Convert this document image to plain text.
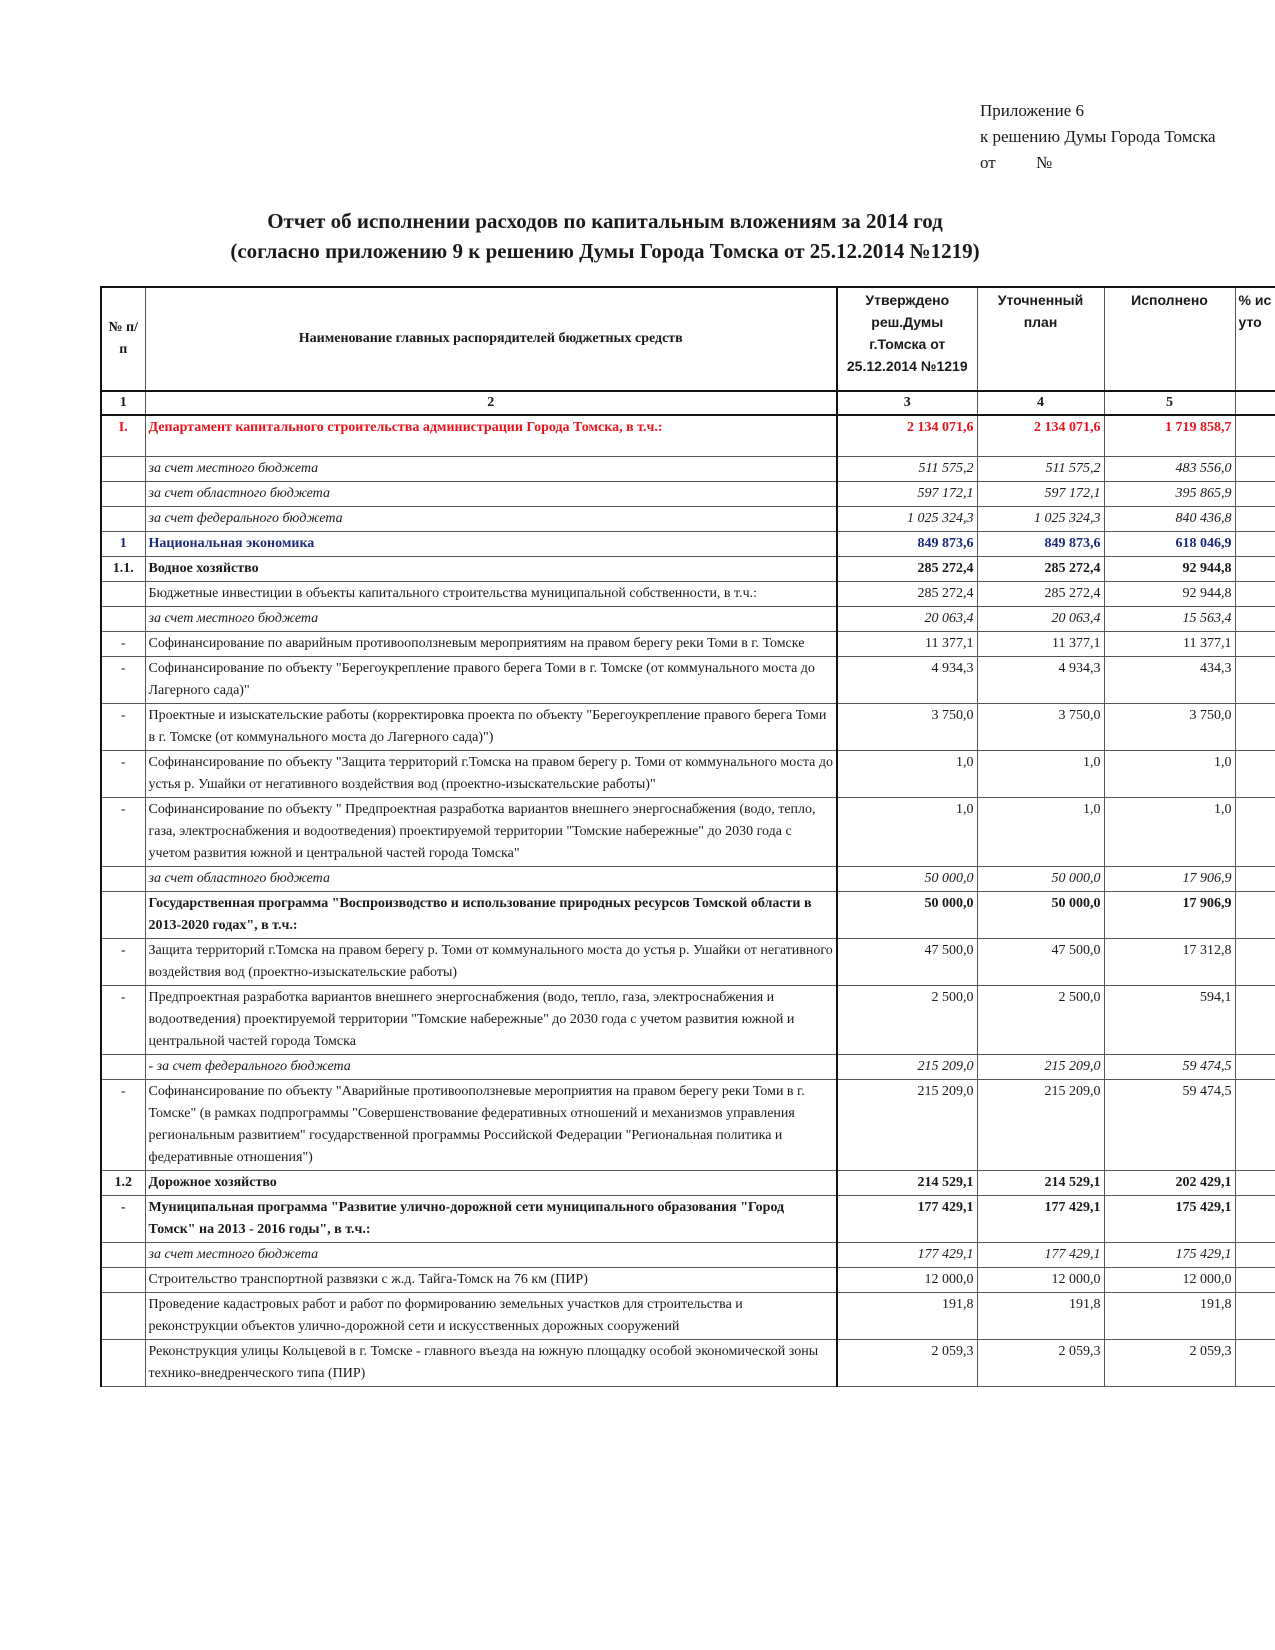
Приложение 6
к решению Думы Города Томска
от №
Отчет об исполнении расходов по капитальным вложениям за 2014 год
(согласно приложению 9 к решению Думы Города Томска от 25.12.2014 №1219)
№ п/п	Наименование главных распорядителей бюджетных средств	Утверждено реш.Думы г.Томска от 25.12.2014 №1219	Уточненный план	Исполнено	% ис уто
1	2	3	4	5	
I.	Департамент капитального строительства администрации Города Томска, в т.ч.:	2 134 071,6	2 134 071,6	1 719 858,7	
	за счет местного бюджета	511 575,2	511 575,2	483 556,0	
	за счет областного бюджета	597 172,1	597 172,1	395 865,9	
	за счет федерального бюджета	1 025 324,3	1 025 324,3	840 436,8	
1	Национальная экономика	849 873,6	849 873,6	618 046,9	
1.1.	Водное хозяйство	285 272,4	285 272,4	92 944,8	
	Бюджетные инвестиции в объекты капитального строительства муниципальной собственности, в т.ч.:	285 272,4	285 272,4	92 944,8	
	за счет местного бюджета	20 063,4	20 063,4	15 563,4	
-	Софинансирование по аварийным противооползневым мероприятиям на правом берегу реки Томи в г. Томске	11 377,1	11 377,1	11 377,1	
-	Софинансирование по объекту "Берегоукрепление правого берега Томи в г. Томске (от коммунального моста до Лагерного сада)"	4 934,3	4 934,3	434,3	
-	Проектные и изыскательские работы (корректировка проекта по объекту "Берегоукрепление правого берега Томи в г. Томске (от коммунального моста до Лагерного сада)")	3 750,0	3 750,0	3 750,0	
-	Софинансирование по объекту "Защита территорий г.Томска на правом берегу р. Томи от коммунального моста до устья р. Ушайки от негативного воздействия вод (проектно-изыскательские работы)"	1,0	1,0	1,0	
-	Софинансирование по объекту " Предпроектная разработка вариантов внешнего энергоснабжения (водо, тепло, газа, электроснабжения и водоотведения) проектируемой территории "Томские набережные" до 2030 года с учетом развития южной и центральной частей города Томска"	1,0	1,0	1,0	
	за счет областного бюджета	50 000,0	50 000,0	17 906,9	
	Государственная программа "Воспроизводство и использование природных ресурсов Томской области в 2013-2020 годах", в т.ч.:	50 000,0	50 000,0	17 906,9	
-	Защита территорий г.Томска на правом берегу р. Томи от коммунального моста до устья р. Ушайки от негативного воздействия вод (проектно-изыскательские работы)	47 500,0	47 500,0	17 312,8	
-	Предпроектная разработка вариантов внешнего энергоснабжения (водо, тепло, газа, электроснабжения и водоотведения) проектируемой территории "Томские набережные" до 2030 года с учетом развития южной и центральной частей города Томска	2 500,0	2 500,0	594,1	
	- за счет федерального бюджета	215 209,0	215 209,0	59 474,5	
-	Софинансирование по объекту "Аварийные противооползневые мероприятия на правом берегу реки Томи в г. Томске" (в рамках подпрограммы "Совершенствование федеративных отношений и механизмов управления региональным развитием" государственной программы Российской Федерации "Региональная политика и федеративные отношения")	215 209,0	215 209,0	59 474,5	
1.2	Дорожное хозяйство	214 529,1	214 529,1	202 429,1	
-	Муниципальная программа "Развитие улично-дорожной сети муниципального образования "Город Томск" на 2013 - 2016 годы", в т.ч.:	177 429,1	177 429,1	175 429,1	
	за счет местного бюджета	177 429,1	177 429,1	175 429,1	
	Строительство транспортной развязки с ж.д. Тайга-Томск на 76 км (ПИР)	12 000,0	12 000,0	12 000,0	
	Проведение кадастровых работ и работ по формированию земельных участков для строительства и реконструкции объектов улично-дорожной сети и искусственных дорожных сооружений	191,8	191,8	191,8	
	Реконструкция улицы Кольцевой в г. Томске - главного въезда на южную площадку особой экономической зоны технико-внедренческого типа (ПИР)	2 059,3	2 059,3	2 059,3	
